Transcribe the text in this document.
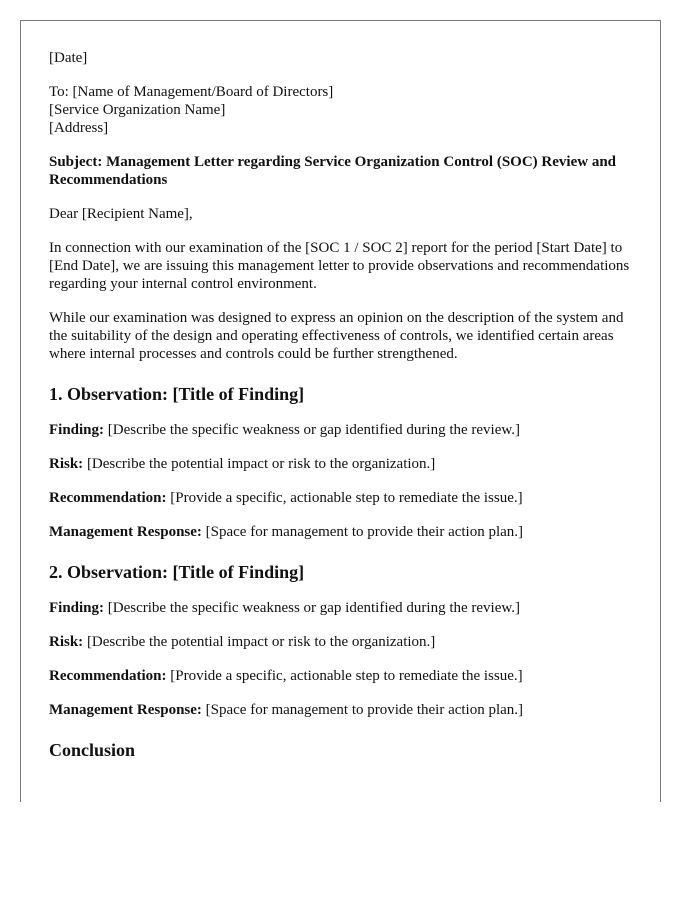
[Date]
To: [Name of Management/Board of Directors]
[Service Organization Name]
[Address]
Subject: Management Letter regarding Service Organization Control (SOC) Review and Recommendations
Dear [Recipient Name],
In connection with our examination of the [SOC 1 / SOC 2] report for the period [Start Date] to [End Date], we are issuing this management letter to provide observations and recommendations regarding your internal control environment.
While our examination was designed to express an opinion on the description of the system and the suitability of the design and operating effectiveness of controls, we identified certain areas where internal processes and controls could be further strengthened.
1. Observation: [Title of Finding]
Finding: [Describe the specific weakness or gap identified during the review.]
Risk: [Describe the potential impact or risk to the organization.]
Recommendation: [Provide a specific, actionable step to remediate the issue.]
Management Response: [Space for management to provide their action plan.]
2. Observation: [Title of Finding]
Finding: [Describe the specific weakness or gap identified during the review.]
Risk: [Describe the potential impact or risk to the organization.]
Recommendation: [Provide a specific, actionable step to remediate the issue.]
Management Response: [Space for management to provide their action plan.]
Conclusion
